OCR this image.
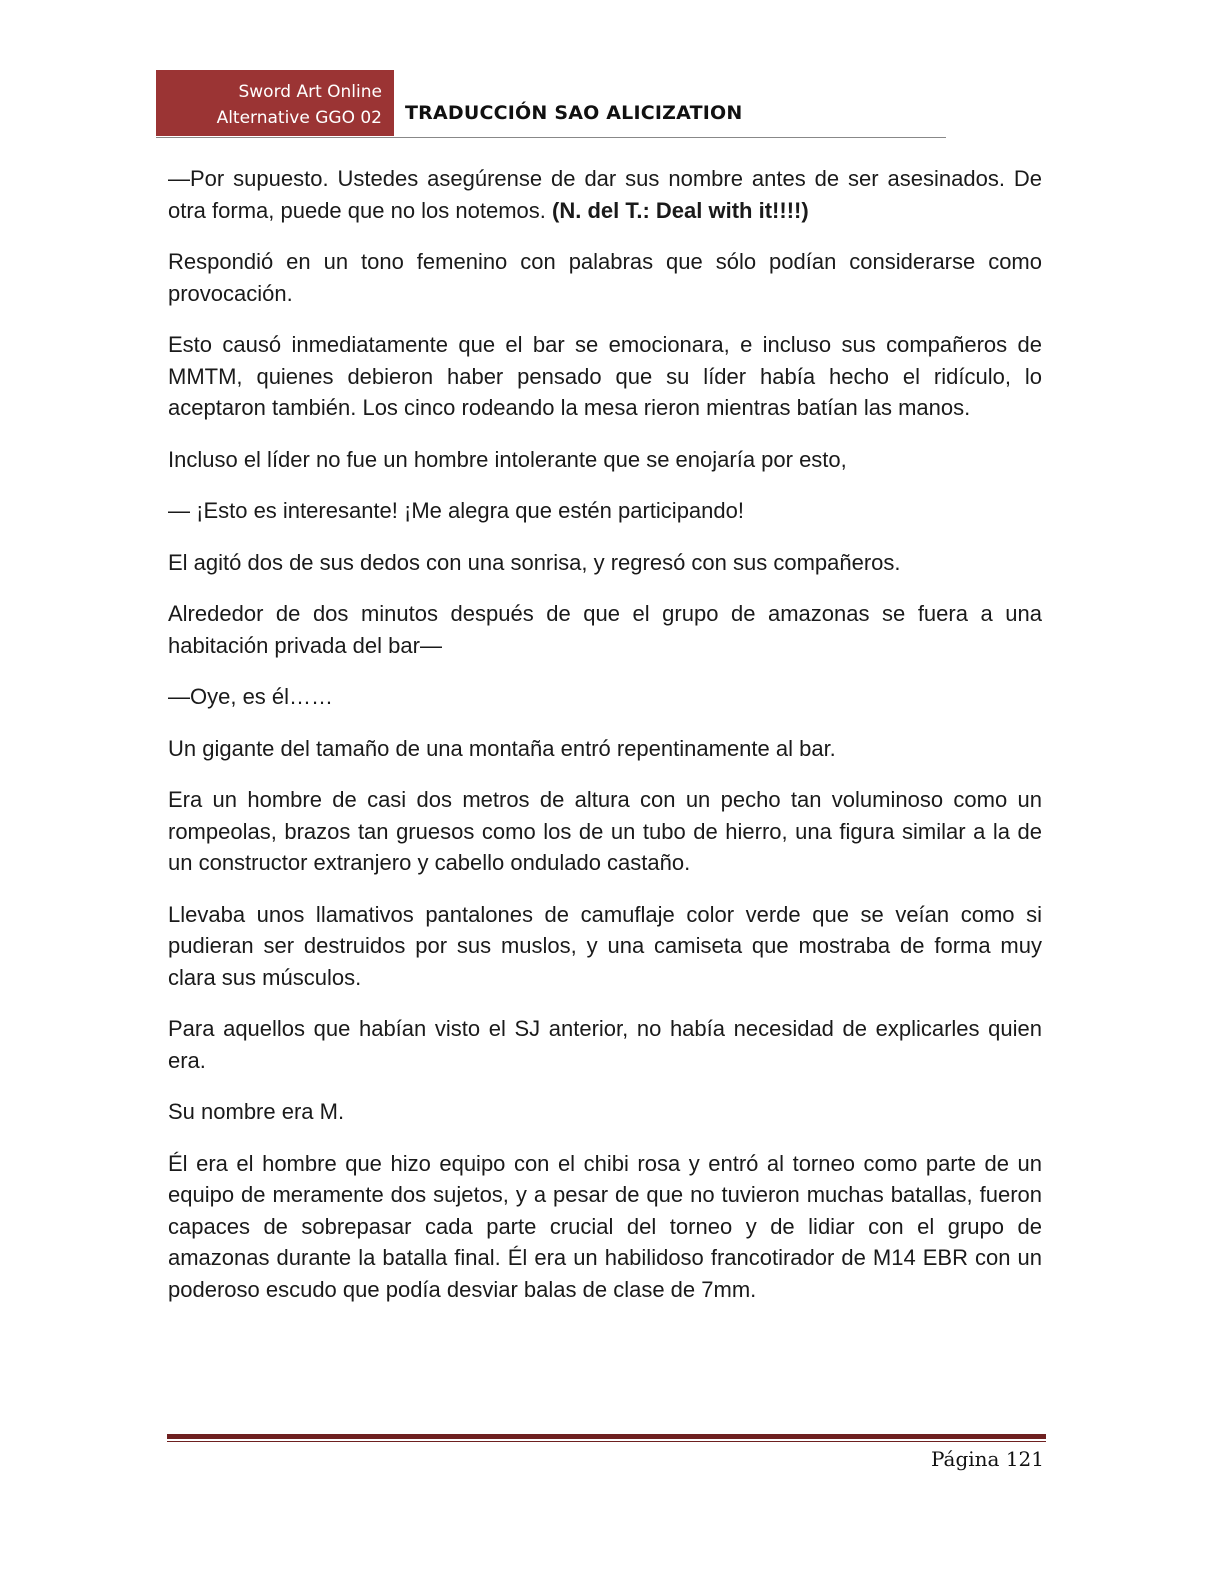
Sword Art Online
Alternative GGO 02 TRADUCCIÓN SAO ALICIZATION

—Por supuesto. Ustedes asegúrense de dar sus nombre antes de ser asesinados. De otra forma, puede que no los notemos. (N. del T.: Deal with it!!!!)

Respondió en un tono femenino con palabras que sólo podían considerarse como provocación.

Esto causó inmediatamente que el bar se emocionara, e incluso sus compañeros de MMTM, quienes debieron haber pensado que su líder había hecho el ridículo, lo aceptaron también. Los cinco rodeando la mesa rieron mientras batían las manos.

Incluso el líder no fue un hombre intolerante que se enojaría por esto,

— ¡Esto es interesante! ¡Me alegra que estén participando!

El agitó dos de sus dedos con una sonrisa, y regresó con sus compañeros.

Alrededor de dos minutos después de que el grupo de amazonas se fuera a una habitación privada del bar—

—Oye, es él……

Un gigante del tamaño de una montaña entró repentinamente al bar.

Era un hombre de casi dos metros de altura con un pecho tan voluminoso como un rompeolas, brazos tan gruesos como los de un tubo de hierro, una figura similar a la de un constructor extranjero y cabello ondulado castaño.

Llevaba unos llamativos pantalones de camuflaje color verde que se veían como si pudieran ser destruidos por sus muslos, y una camiseta que mostraba de forma muy clara sus músculos.

Para aquellos que habían visto el SJ anterior, no había necesidad de explicarles quien era.

Su nombre era M.

Él era el hombre que hizo equipo con el chibi rosa y entró al torneo como parte de un equipo de meramente dos sujetos, y a pesar de que no tuvieron muchas batallas, fueron capaces de sobrepasar cada parte crucial del torneo y de lidiar con el grupo de amazonas durante la batalla final. Él era un habilidoso francotirador de M14 EBR con un poderoso escudo que podía desviar balas de clase de 7mm.

Página 121
